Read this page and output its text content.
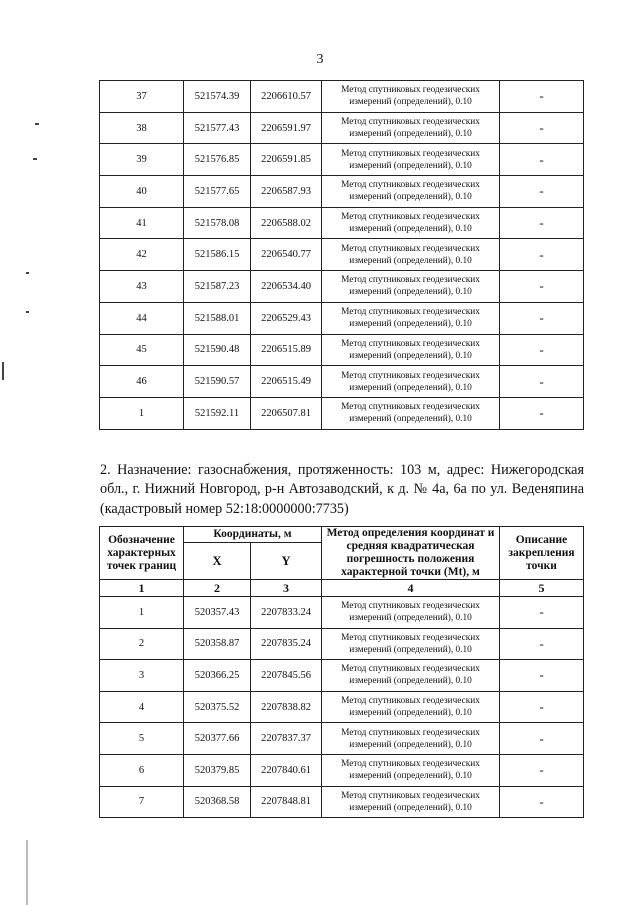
3
37	521574.39	2206610.57	Метод спутниковых геодезических измерений (определений), 0.10	-
38	521577.43	2206591.97	Метод спутниковых геодезических измерений (определений), 0.10	-
39	521576.85	2206591.85	Метод спутниковых геодезических измерений (определений), 0.10	-
40	521577.65	2206587.93	Метод спутниковых геодезических измерений (определений), 0.10	-
41	521578.08	2206588.02	Метод спутниковых геодезических измерений (определений), 0.10	-
42	521586.15	2206540.77	Метод спутниковых геодезических измерений (определений), 0.10	-
43	521587.23	2206534.40	Метод спутниковых геодезических измерений (определений), 0.10	-
44	521588.01	2206529.43	Метод спутниковых геодезических измерений (определений), 0.10	-
45	521590.48	2206515.89	Метод спутниковых геодезических измерений (определений), 0.10	-
46	521590.57	2206515.49	Метод спутниковых геодезических измерений (определений), 0.10	-
1	521592.11	2206507.81	Метод спутниковых геодезических измерений (определений), 0.10	-
2. Назначение: газоснабжения, протяженность: 103 м, адрес: Нижегородская обл., г. Нижний Новгород, р-н Автозаводский, к д. № 4а, 6а по ул. Веденяпина (кадастровый номер 52:18:0000000:7735)
Обозначение характерных точек границ	Координаты, м		Метод определения координат и средняя квадратическая погрешность положения характерной точки (Mt), м	Описание закрепления точки
	X	Y		
1	2	3	4	5
1	520357.43	2207833.24	Метод спутниковых геодезических измерений (определений), 0.10	-
2	520358.87	2207835.24	Метод спутниковых геодезических измерений (определений), 0.10	-
3	520366.25	2207845.56	Метод спутниковых геодезических измерений (определений), 0.10	-
4	520375.52	2207838.82	Метод спутниковых геодезических измерений (определений), 0.10	-
5	520377.66	2207837.37	Метод спутниковых геодезических измерений (определений), 0.10	-
6	520379.85	2207840.61	Метод спутниковых геодезических измерений (определений), 0.10	-
7	520368.58	2207848.81	Метод спутниковых геодезических измерений (определений), 0.10	-
